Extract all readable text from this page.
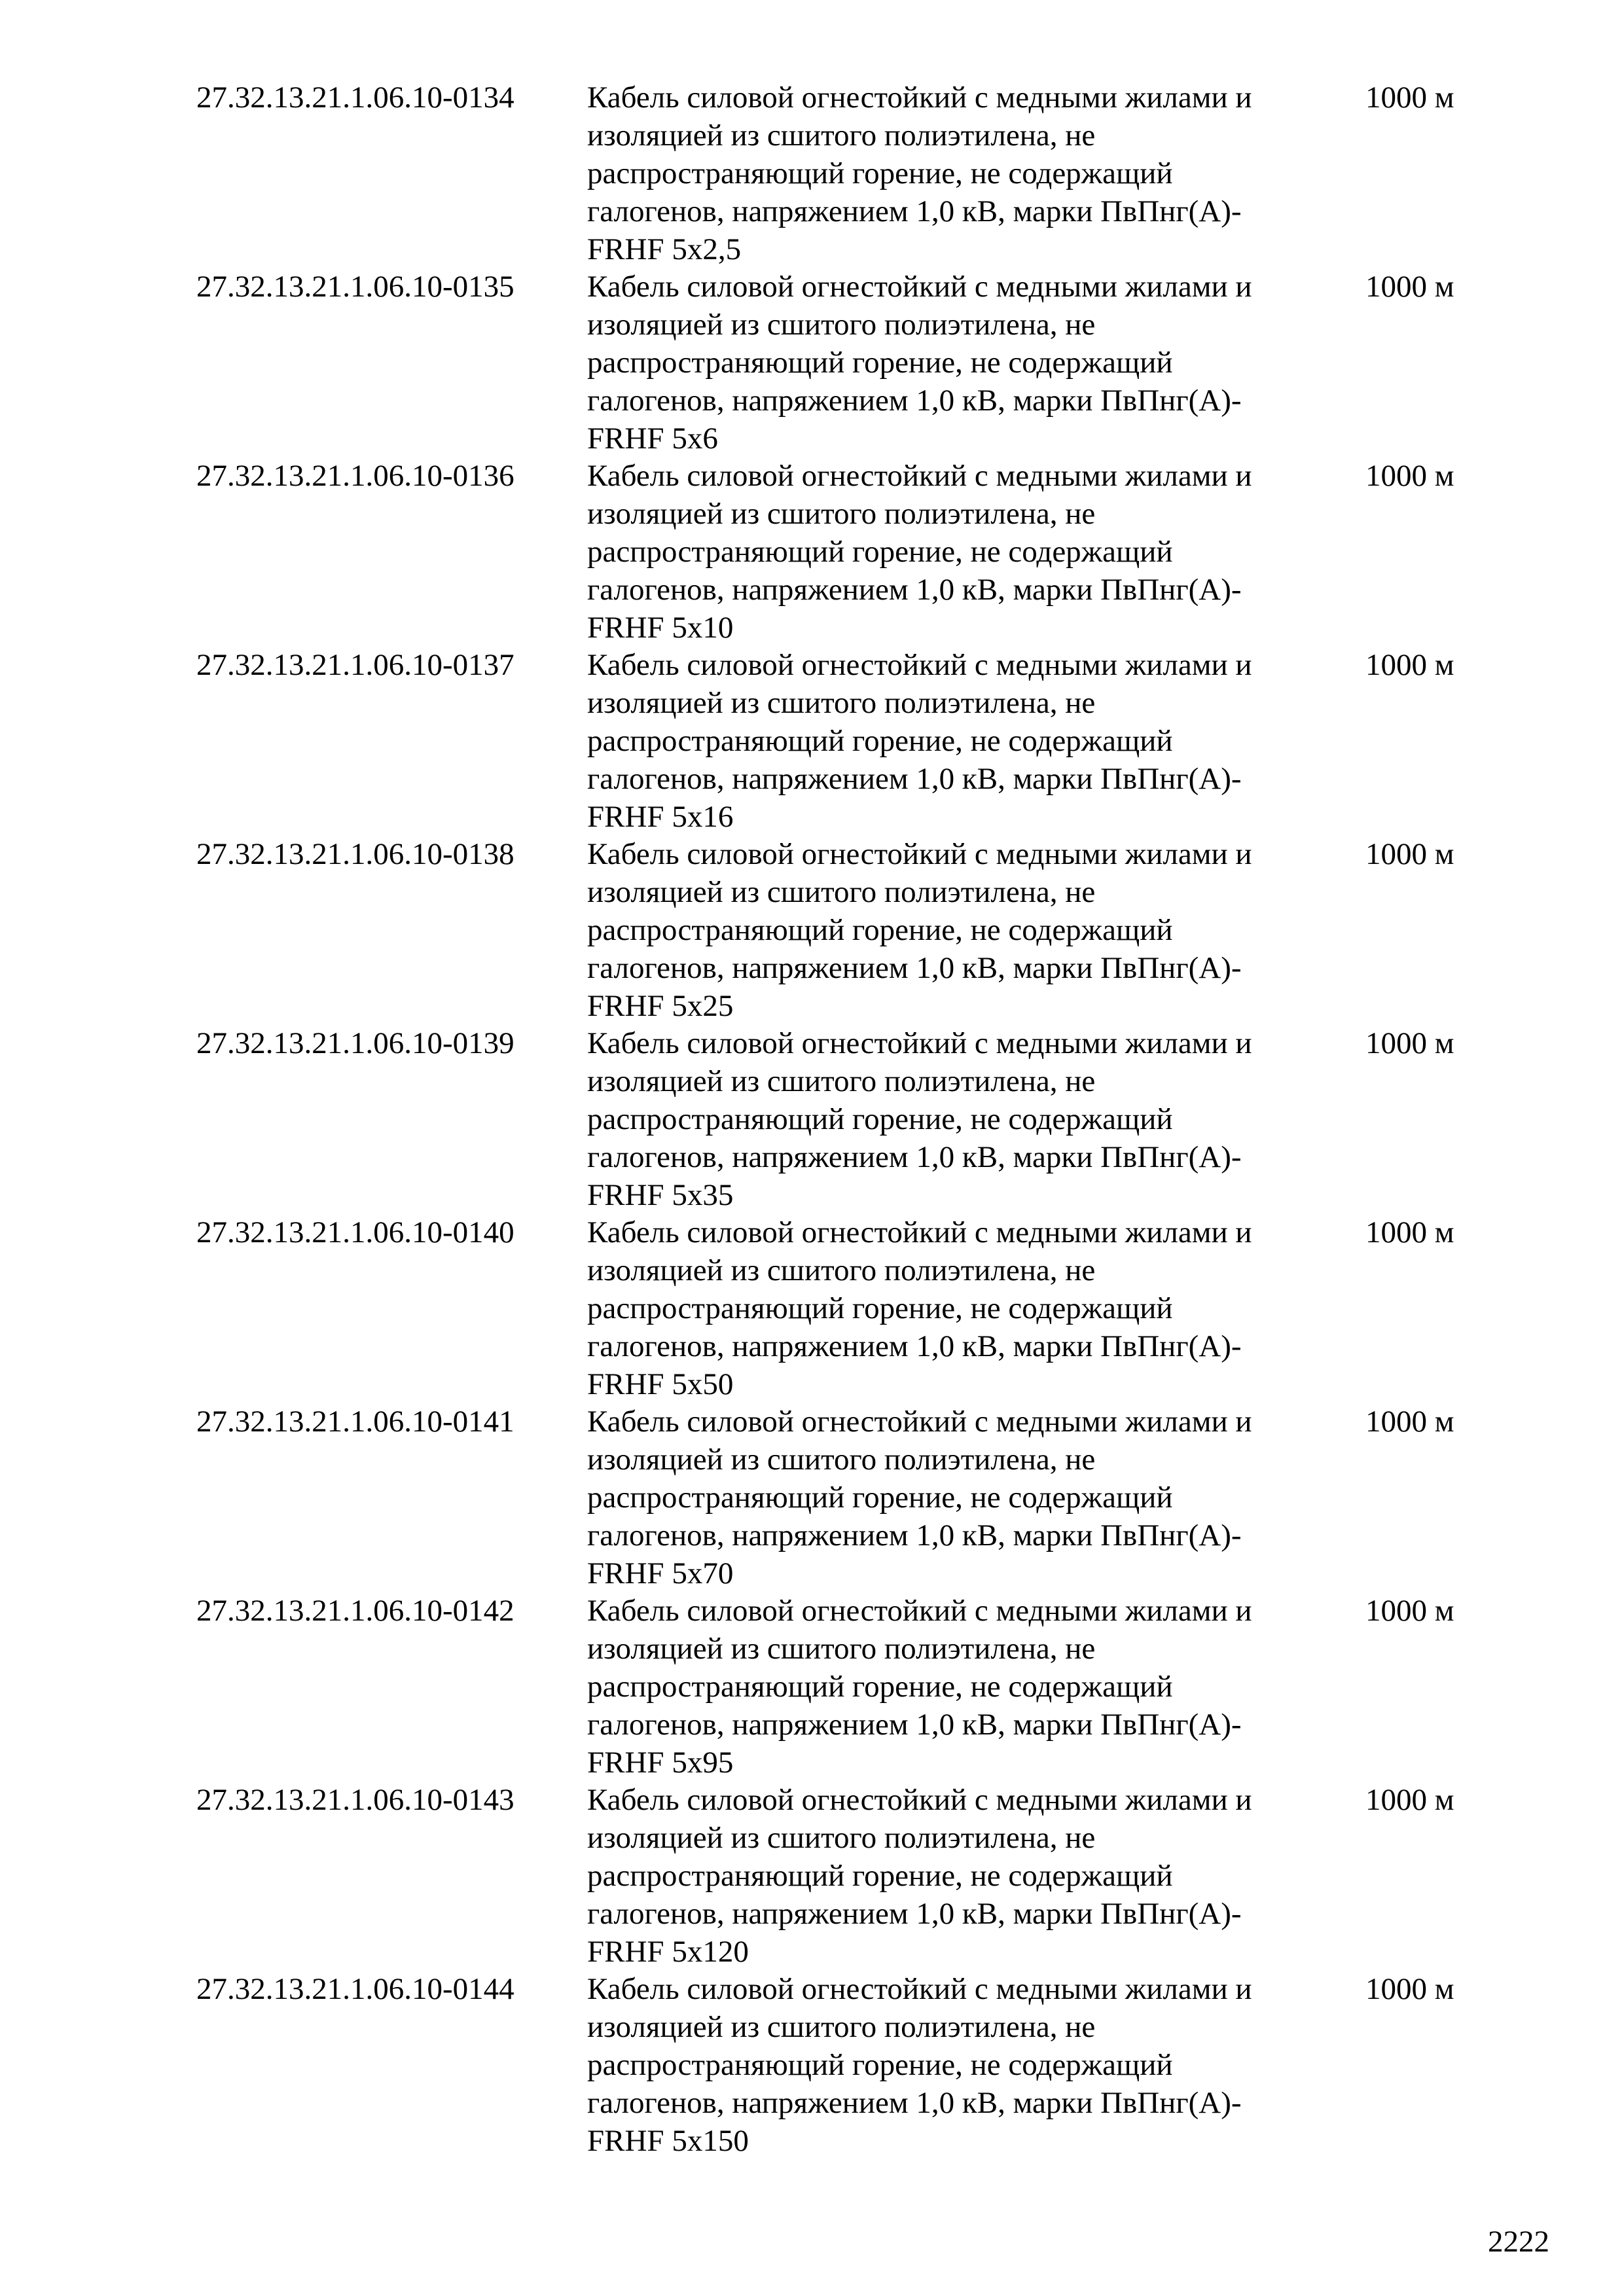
27.32.13.21.1.06.10-0134 Кабель силовой огнестойкий с медными жилами и
изоляцией из сшитого полиэтилена, не
распространяющий горение, не содержащий
галогенов, напряжением 1,0 кВ, марки ПвПнг(А)-
FRHF 5x2,5
1000 м
27.32.13.21.1.06.10-0135 Кабель силовой огнестойкий с медными жилами и
изоляцией из сшитого полиэтилена, не
распространяющий горение, не содержащий
галогенов, напряжением 1,0 кВ, марки ПвПнг(А)-
FRHF 5x6
1000 м
27.32.13.21.1.06.10-0136 Кабель силовой огнестойкий с медными жилами и
изоляцией из сшитого полиэтилена, не
распространяющий горение, не содержащий
галогенов, напряжением 1,0 кВ, марки ПвПнг(А)-
FRHF 5x10
1000 м
27.32.13.21.1.06.10-0137 Кабель силовой огнестойкий с медными жилами и
изоляцией из сшитого полиэтилена, не
распространяющий горение, не содержащий
галогенов, напряжением 1,0 кВ, марки ПвПнг(А)-
FRHF 5x16
1000 м
27.32.13.21.1.06.10-0138 Кабель силовой огнестойкий с медными жилами и
изоляцией из сшитого полиэтилена, не
распространяющий горение, не содержащий
галогенов, напряжением 1,0 кВ, марки ПвПнг(А)-
FRHF 5x25
1000 м
27.32.13.21.1.06.10-0139 Кабель силовой огнестойкий с медными жилами и
изоляцией из сшитого полиэтилена, не
распространяющий горение, не содержащий
галогенов, напряжением 1,0 кВ, марки ПвПнг(А)-
FRHF 5x35
1000 м
27.32.13.21.1.06.10-0140 Кабель силовой огнестойкий с медными жилами и
изоляцией из сшитого полиэтилена, не
распространяющий горение, не содержащий
галогенов, напряжением 1,0 кВ, марки ПвПнг(А)-
FRHF 5x50
1000 м
27.32.13.21.1.06.10-0141 Кабель силовой огнестойкий с медными жилами и
изоляцией из сшитого полиэтилена, не
распространяющий горение, не содержащий
галогенов, напряжением 1,0 кВ, марки ПвПнг(А)-
FRHF 5x70
1000 м
27.32.13.21.1.06.10-0142 Кабель силовой огнестойкий с медными жилами и
изоляцией из сшитого полиэтилена, не
распространяющий горение, не содержащий
галогенов, напряжением 1,0 кВ, марки ПвПнг(А)-
FRHF 5x95
1000 м
27.32.13.21.1.06.10-0143 Кабель силовой огнестойкий с медными жилами и
изоляцией из сшитого полиэтилена, не
распространяющий горение, не содержащий
галогенов, напряжением 1,0 кВ, марки ПвПнг(А)-
FRHF 5x120
1000 м
27.32.13.21.1.06.10-0144 Кабель силовой огнестойкий с медными жилами и
изоляцией из сшитого полиэтилена, не
распространяющий горение, не содержащий
галогенов, напряжением 1,0 кВ, марки ПвПнг(А)-
FRHF 5x150
1000 м
2222
